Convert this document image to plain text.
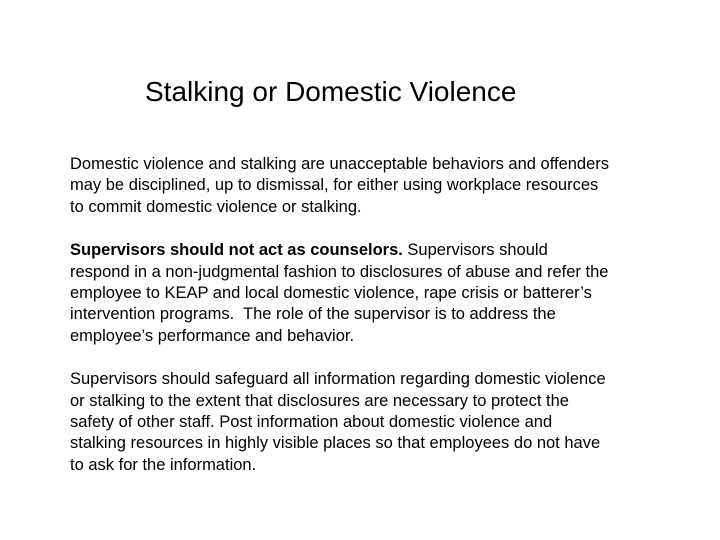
Stalking or Domestic Violence

Domestic violence and stalking are unacceptable behaviors and offenders
may be disciplined, up to dismissal, for either using workplace resources
to commit domestic violence or stalking.

Supervisors should not act as counselors. Supervisors should
respond in a non-judgmental fashion to disclosures of abuse and refer the
employee to KEAP and local domestic violence, rape crisis or batterer’s
intervention programs.  The role of the supervisor is to address the
employee’s performance and behavior.

Supervisors should safeguard all information regarding domestic violence
or stalking to the extent that disclosures are necessary to protect the
safety of other staff. Post information about domestic violence and
stalking resources in highly visible places so that employees do not have
to ask for the information.
